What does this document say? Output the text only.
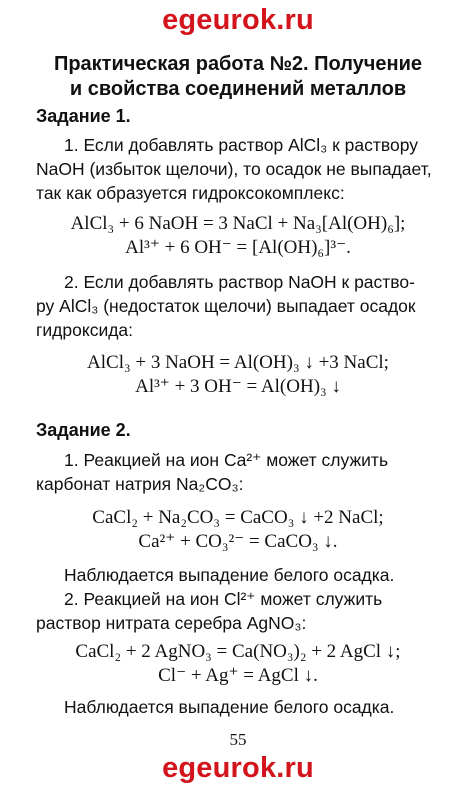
egeurok.ru
Практическая работа №2. Получение
и свойства соединений металлов
Задание 1.
1. Если добавлять раствор AlCl₃ к раствору
NaOH (избыток щелочи), то осадок не выпадает,
так как образуется гидроксокомплекс:
AlCl₃ + 6 NaOH = 3 NaCl + Na₃[Al(OH)₆];
Al³⁺ + 6 OH⁻ = [Al(OH)₆]³⁻.
2. Если добавлять раствор NaOH к раство-
ру AlCl₃ (недостаток щелочи) выпадает осадок
гидроксида:
AlCl₃ + 3 NaOH = Al(OH)₃ ↓ +3 NaCl;
Al³⁺ + 3 OH⁻ = Al(OH)₃ ↓
Задание 2.
1. Реакцией на ион Ca²⁺ может служить
карбонат натрия Na₂CO₃:
CaCl₂ + Na₂CO₃ = CaCO₃ ↓ +2 NaCl;
Ca²⁺ + CO₃²⁻ = CaCO₃ ↓.
Наблюдается выпадение белого осадка.
2. Реакцией на ион Cl²⁺ может служить
раствор нитрата серебра AgNO₃:
CaCl₂ + 2 AgNO₃ = Ca(NO₃)₂ + 2 AgCl ↓;
Cl⁻ + Ag⁺ = AgCl ↓.
Наблюдается выпадение белого осадка.
55
egeurok.ru
